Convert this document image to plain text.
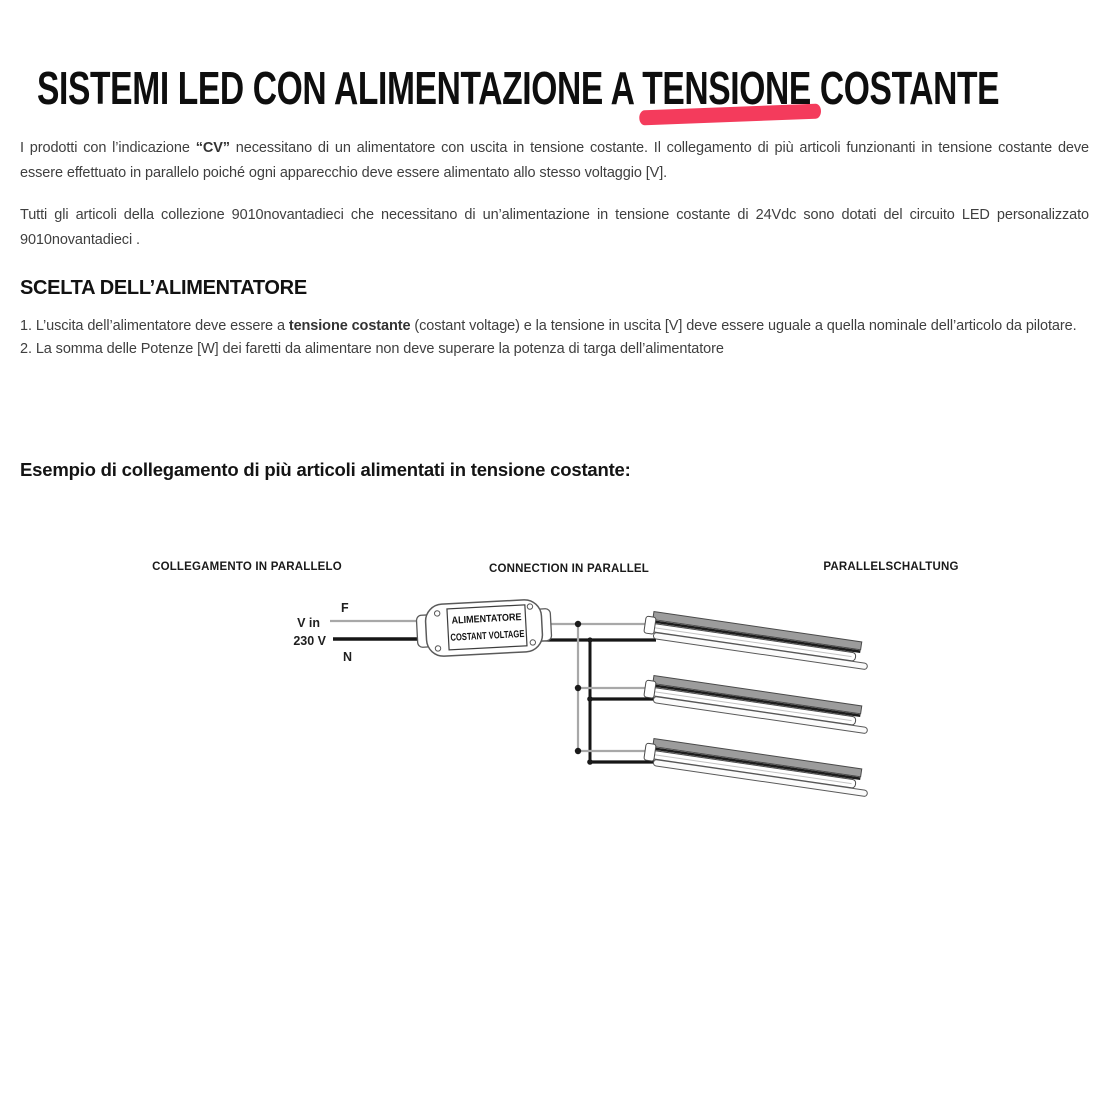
SISTEMI LED CON ALIMENTAZIONE A TENSIONE
COSTANTE

I prodotti con l’indicazione “CV” necessitano di un alimentatore con uscita in tensione costante. Il collegamento di più articoli funzionanti in tensione costante deve essere effettuato in parallelo poiché ogni apparecchio deve essere alimentato allo stesso voltaggio [V].

Tutti gli articoli della collezione 9010novantadieci che necessitano di un’alimentazione in tensione costante di 24Vdc sono dotati del circuito LED personalizzato 9010novantadieci .

SCELTA DELL’ALIMENTATORE
1. L’uscita dell’alimentatore deve essere a tensione costante (costant voltage) e la tensione in uscita [V] deve essere uguale a quella nominale dell’articolo da pilotare.
2. La somma delle Potenze [W] dei faretti da alimentare non deve superare la potenza di targa dell’alimentatore
Esempio di collegamento di più articoli alimentati in tensione costante:
COLLEGAMENTO IN PARALLELO	CONNECTION IN PARALLEL	PARALLELSCHALTUNG
V in
230 V
F
N
ALIMENTATORE
COSTANT VOLTAGE
